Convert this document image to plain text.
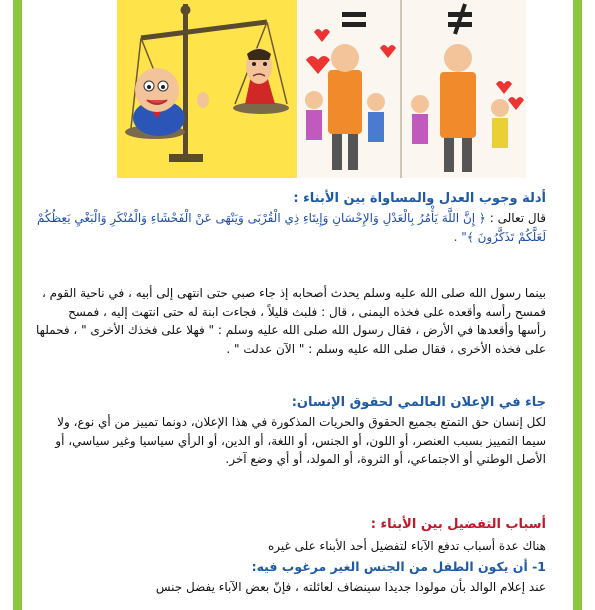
أدلة وجوب العدل والمساواة بين الأبناء :
قال تعالى : ﴿ إِنَّ اللَّهَ يَأْمُرُ بِالْعَدْلِ وَالإِحْسَانِ وَإِيتَاءِ ذِي الْقُرْبَى وَيَنْهَى عَنْ الْفَحْشَاءِ وَالْمُنْكَرِ وَالْبَغْيِ يَعِظُكُمْ لَعَلَّكُمْ تَذَكَّرُونَ ﴾" .
بينما رسول الله صلى الله عليه وسلم يحدث أصحابه إذ جاء صبي حتى انتهى إلى أبيه ، في ناحية القوم ، فمسح رأسه وأقعده على فخذه اليمنى ، قال : فلبث قليلاً ، فجاءت ابنة له حتى انتهت إليه ، فمسح رأسها وأقعدها في الأرض ، فقال رسول الله صلى الله عليه وسلم : " فهلا على فخذك الأخرى " ، فحملها على فخذه الأخرى ، فقال صلى الله عليه وسلم : " الآن عدلت " .
جاء في الإعلان العالمي لحقوق الإنسان:
لكل إنسان حق التمتع بجميع الحقوق والحريات المذكورة في هذا الإعلان، دونما تمييز من أي نوع، ولا سيما التمييز بسبب العنصر، أو اللون، أو الجنس، أو اللغة، أو الدين، أو الرأي سياسيا وغير سياسي، أو الأصل الوطني أو الاجتماعي، أو الثروة، أو المولد، أو أي وضع آخر.
أسباب التفضيل بين الأبناء :
هناك عدة أسباب تدفع الآباء لتفضيل أحد الأبناء على غيره
1- أن يكون الطفل من الجنس الغير مرغوب فيه:
عند إعلام الوالد بأن مولودا جديدا سينضاف لعائلته ، فإنّ بعض الآباء يفضل جنس
